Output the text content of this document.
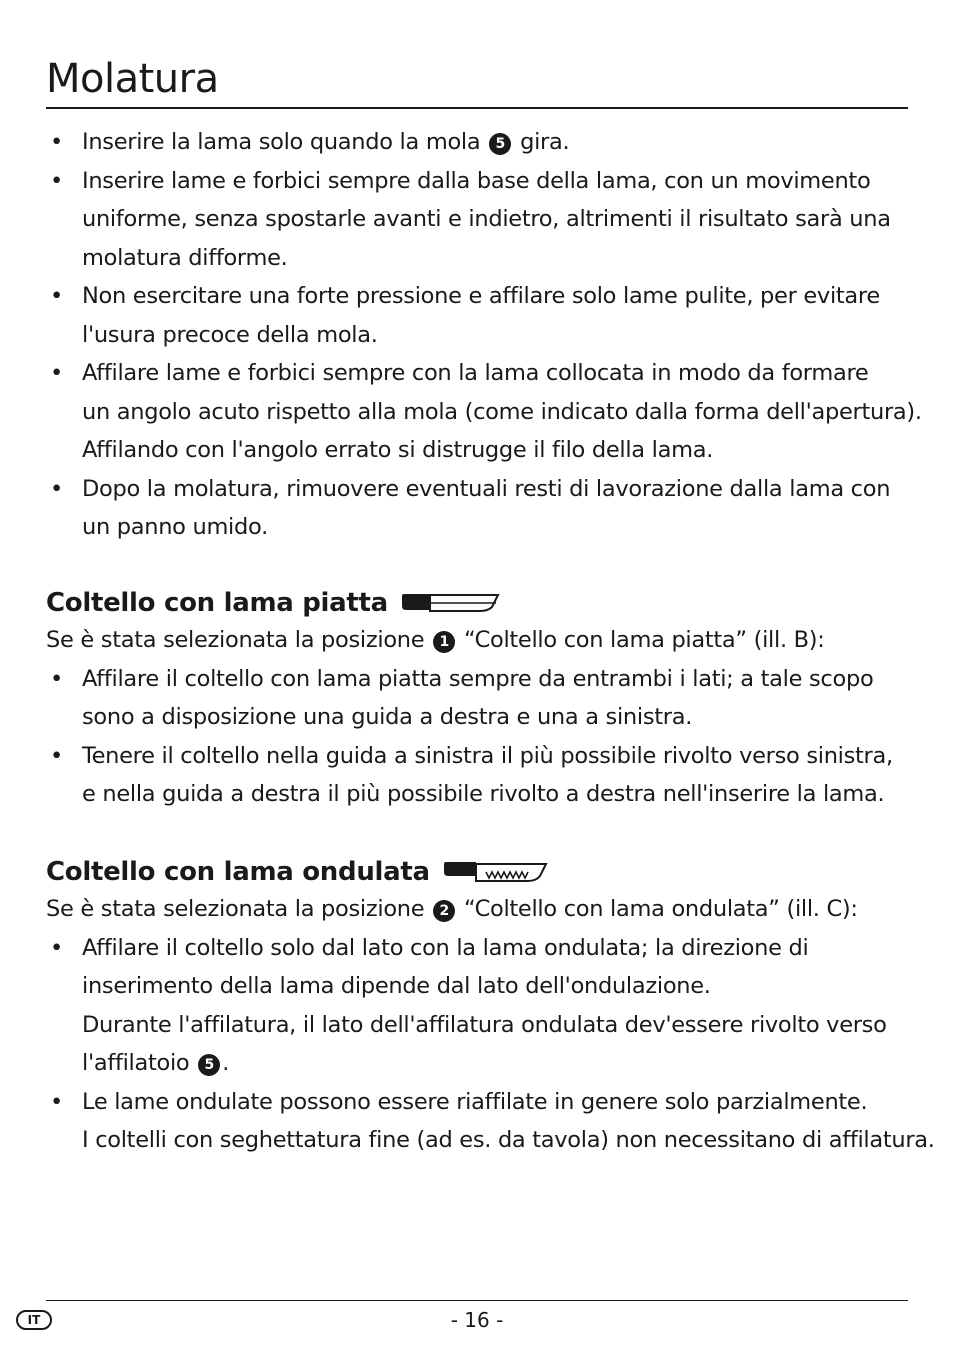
Molatura
• Inserire la lama solo quando la mola 5 gira.
• Inserire lame e forbici sempre dalla base della lama, con un movimento
uniforme, senza spostarle avanti e indietro, altrimenti il risultato sarà una
molatura difforme.
• Non esercitare una forte pressione e affilare solo lame pulite, per evitare
l'usura precoce della mola.
• Affilare lame e forbici sempre con la lama collocata in modo da formare
un angolo acuto rispetto alla mola (come indicato dalla forma dell'apertura).
Affilando con l'angolo errato si distrugge il filo della lama.
• Dopo la molatura, rimuovere eventuali resti di lavorazione dalla lama con
un panno umido.
Coltello con lama piatta
Se è stata selezionata la posizione 1 “Coltello con lama piatta” (ill. B):
• Affilare il coltello con lama piatta sempre da entrambi i lati; a tale scopo
sono a disposizione una guida a destra e una a sinistra.
• Tenere il coltello nella guida a sinistra il più possibile rivolto verso sinistra,
e nella guida a destra il più possibile rivolto a destra nell'inserire la lama.
Coltello con lama ondulata
Se è stata selezionata la posizione 2 “Coltello con lama ondulata” (ill. C):
• Affilare il coltello solo dal lato con la lama ondulata; la direzione di
inserimento della lama dipende dal lato dell'ondulazione.
Durante l'affilatura, il lato dell'affilatura ondulata dev'essere rivolto verso
l'affilatoio 5 .
• Le lame ondulate possono essere riaffilate in genere solo parzialmente.
I coltelli con seghettatura fine (ad es. da tavola) non necessitano di affilatura.
IT	- 16 -
